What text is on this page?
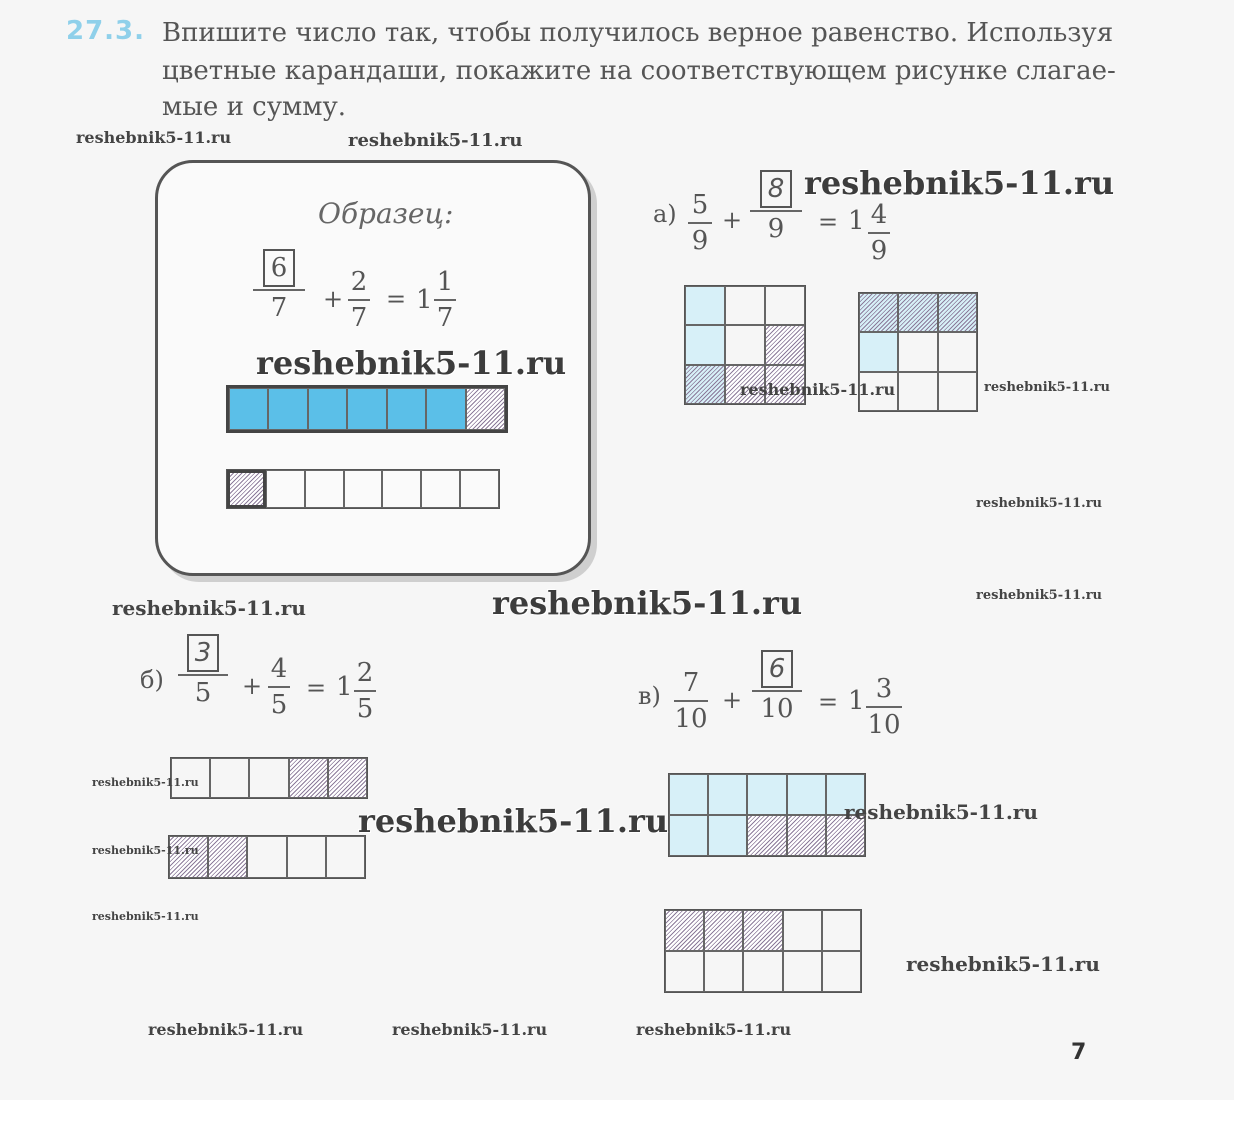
27.3. Впишите число так, чтобы получилось верное равенство. Используя
цветные карандаши, покажите на соответствующем рисунке слагае-
мые и сумму.
Образец:
6
7	+
2
7
= 1
1
7
а) 5
9
+
8
9	= 1 4
9
б)
3
5	+
4
5
= 1 2
5	в) 7
10
+
6
10	= 1 3
10
reshebnik5-11.ru	reshebnik5-11.ru
reshebnik5-11.ru
reshebnik5-11.ru
reshebnik5-11.ru	reshebnik5-11.ru
reshebnik5-11.ru
reshebnik5-11.ru
reshebnik5-11.ru	reshebnik5-11.ru
reshebnik5-11.ru
reshebnik5-11.ru	reshebnik5-11.ru
reshebnik5-11.ru
reshebnik5-11.ru
reshebnik5-11.ru
reshebnik5-11.ru	reshebnik5-11.ru	reshebnik5-11.ru
7
